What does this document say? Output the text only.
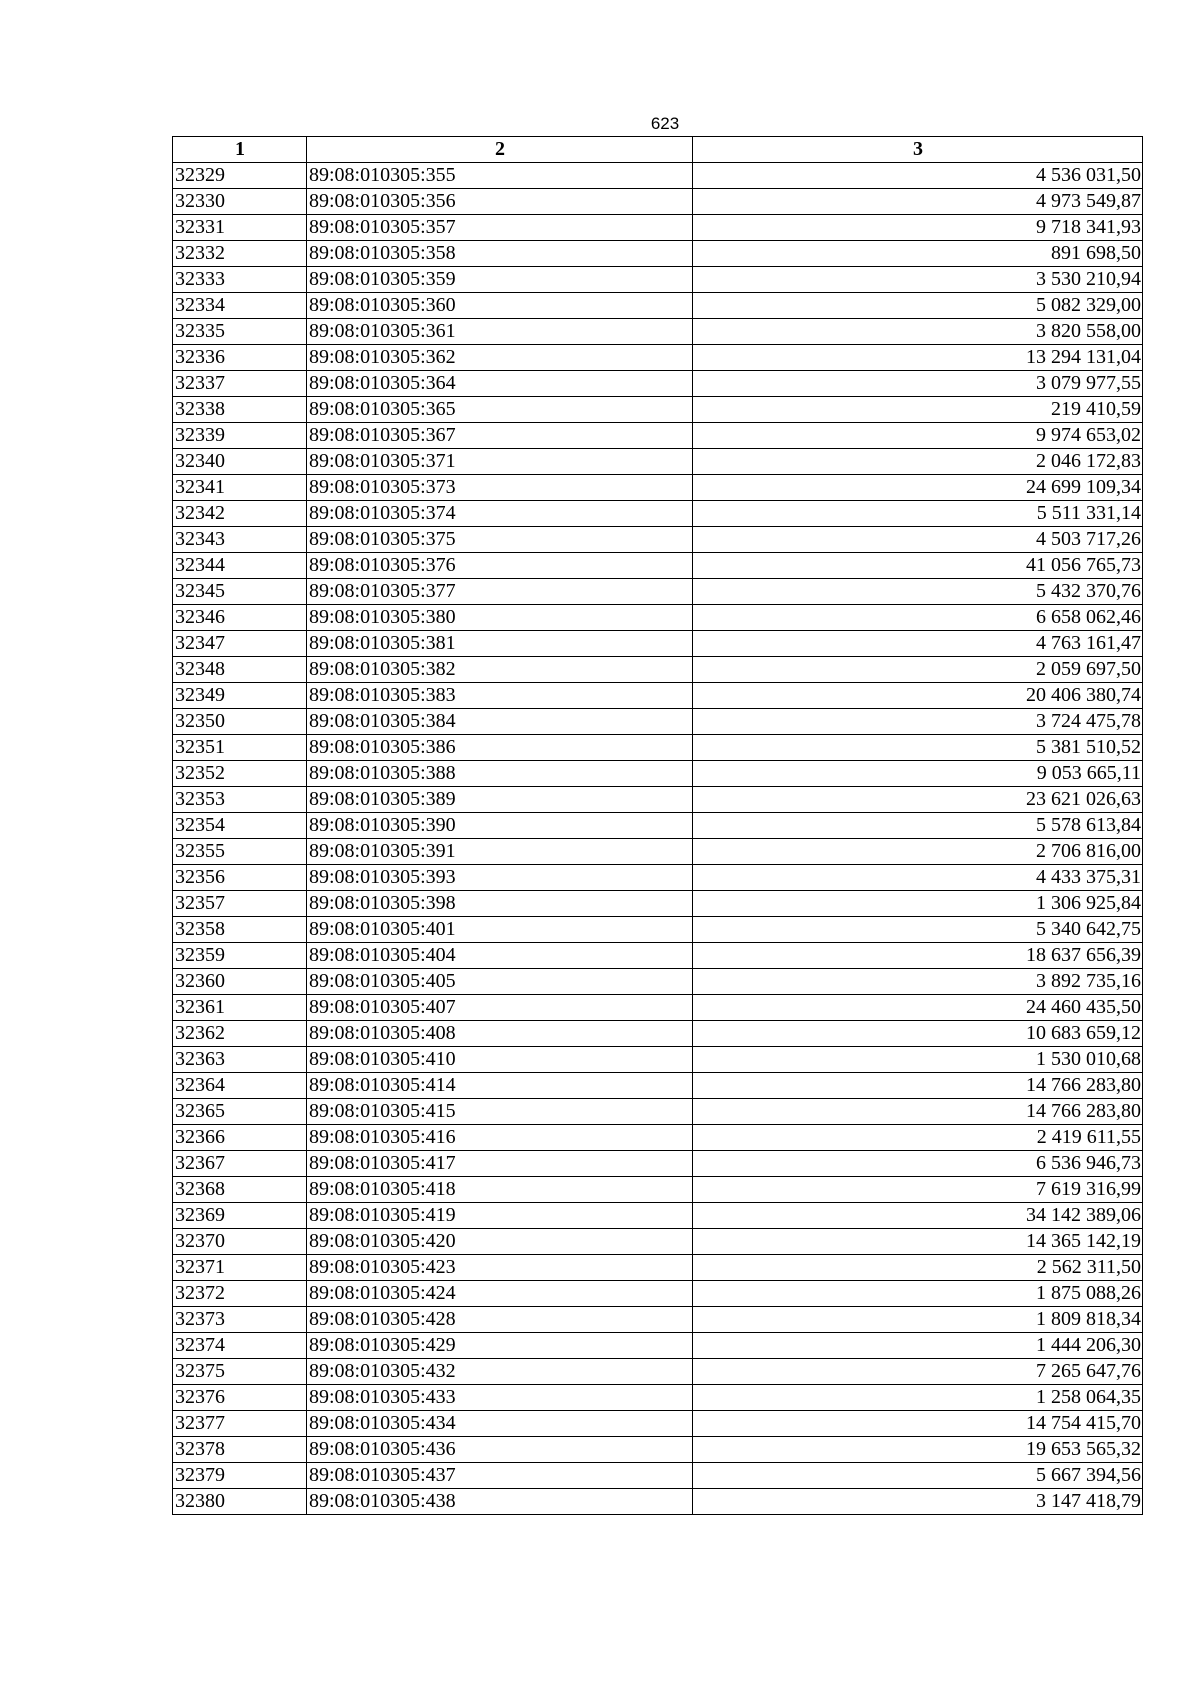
623
1	2	3
32329	89:08:010305:355	4 536 031,50
32330	89:08:010305:356	4 973 549,87
32331	89:08:010305:357	9 718 341,93
32332	89:08:010305:358	891 698,50
32333	89:08:010305:359	3 530 210,94
32334	89:08:010305:360	5 082 329,00
32335	89:08:010305:361	3 820 558,00
32336	89:08:010305:362	13 294 131,04
32337	89:08:010305:364	3 079 977,55
32338	89:08:010305:365	219 410,59
32339	89:08:010305:367	9 974 653,02
32340	89:08:010305:371	2 046 172,83
32341	89:08:010305:373	24 699 109,34
32342	89:08:010305:374	5 511 331,14
32343	89:08:010305:375	4 503 717,26
32344	89:08:010305:376	41 056 765,73
32345	89:08:010305:377	5 432 370,76
32346	89:08:010305:380	6 658 062,46
32347	89:08:010305:381	4 763 161,47
32348	89:08:010305:382	2 059 697,50
32349	89:08:010305:383	20 406 380,74
32350	89:08:010305:384	3 724 475,78
32351	89:08:010305:386	5 381 510,52
32352	89:08:010305:388	9 053 665,11
32353	89:08:010305:389	23 621 026,63
32354	89:08:010305:390	5 578 613,84
32355	89:08:010305:391	2 706 816,00
32356	89:08:010305:393	4 433 375,31
32357	89:08:010305:398	1 306 925,84
32358	89:08:010305:401	5 340 642,75
32359	89:08:010305:404	18 637 656,39
32360	89:08:010305:405	3 892 735,16
32361	89:08:010305:407	24 460 435,50
32362	89:08:010305:408	10 683 659,12
32363	89:08:010305:410	1 530 010,68
32364	89:08:010305:414	14 766 283,80
32365	89:08:010305:415	14 766 283,80
32366	89:08:010305:416	2 419 611,55
32367	89:08:010305:417	6 536 946,73
32368	89:08:010305:418	7 619 316,99
32369	89:08:010305:419	34 142 389,06
32370	89:08:010305:420	14 365 142,19
32371	89:08:010305:423	2 562 311,50
32372	89:08:010305:424	1 875 088,26
32373	89:08:010305:428	1 809 818,34
32374	89:08:010305:429	1 444 206,30
32375	89:08:010305:432	7 265 647,76
32376	89:08:010305:433	1 258 064,35
32377	89:08:010305:434	14 754 415,70
32378	89:08:010305:436	19 653 565,32
32379	89:08:010305:437	5 667 394,56
32380	89:08:010305:438	3 147 418,79
